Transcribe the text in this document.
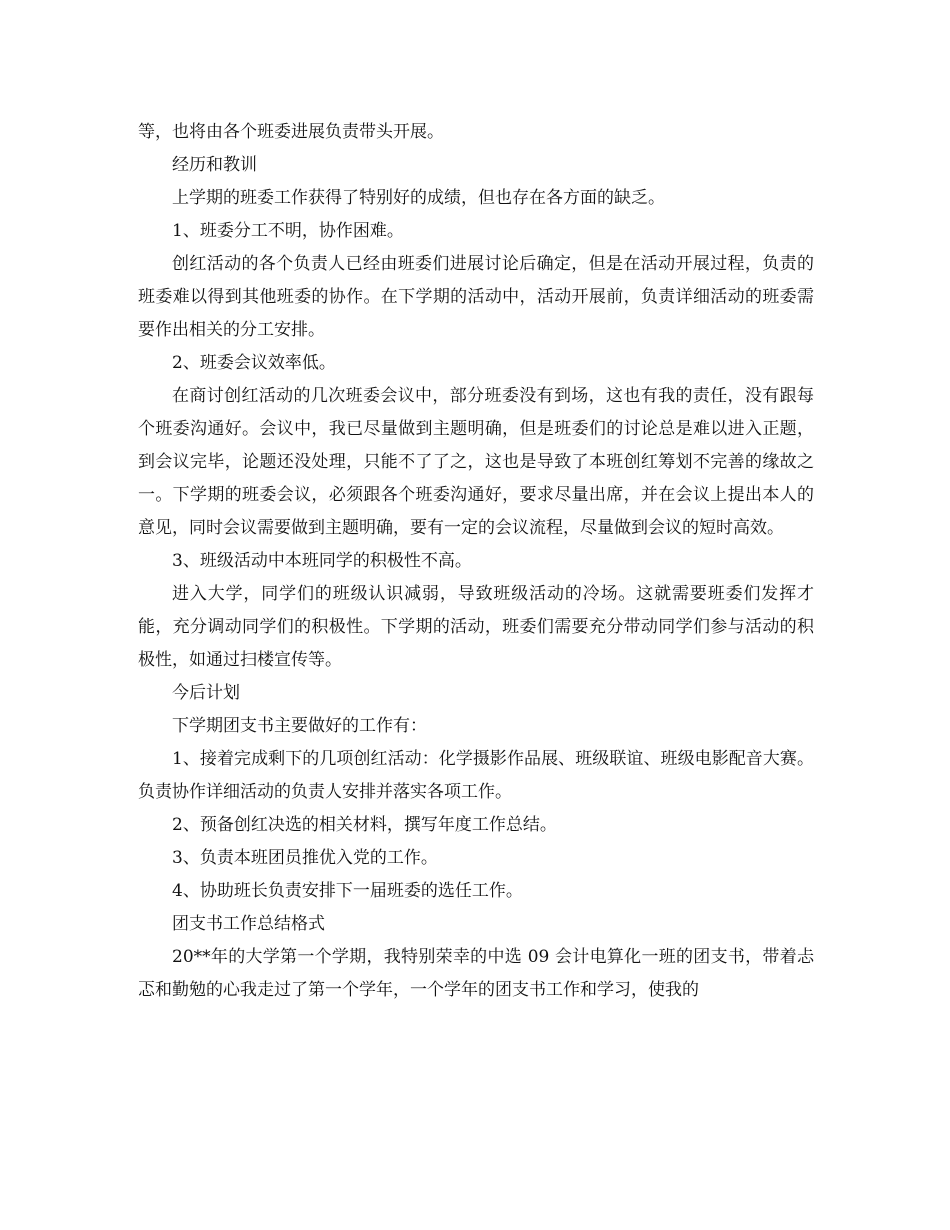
等，也将由各个班委进展负责带头开展。

经历和教训

上学期的班委工作获得了特别好的成绩，但也存在各方面的缺乏。

1、班委分工不明，协作困难。

创红活动的各个负责人已经由班委们进展讨论后确定，但是在活动开展过程，负责的班委难以得到其他班委的协作。在下学期的活动中，活动开展前，负责详细活动的班委需要作出相关的分工安排。

2、班委会议效率低。

在商讨创红活动的几次班委会议中，部分班委没有到场，这也有我的责任，没有跟每个班委沟通好。会议中，我已尽量做到主题明确，但是班委们的讨论总是难以进入正题，到会议完毕，论题还没处理，只能不了了之，这也是导致了本班创红筹划不完善的缘故之一。下学期的班委会议，必须跟各个班委沟通好，要求尽量出席，并在会议上提出本人的意见，同时会议需要做到主题明确，要有一定的会议流程，尽量做到会议的短时高效。

3、班级活动中本班同学的积极性不高。

进入大学，同学们的班级认识减弱，导致班级活动的冷场。这就需要班委们发挥才能，充分调动同学们的积极性。下学期的活动，班委们需要充分带动同学们参与活动的积极性，如通过扫楼宣传等。

今后计划

下学期团支书主要做好的工作有：

1、接着完成剩下的几项创红活动：化学摄影作品展、班级联谊、班级电影配音大赛。负责协作详细活动的负责人安排并落实各项工作。

2、预备创红决选的相关材料，撰写年度工作总结。

3、负责本班团员推优入党的工作。

4、协助班长负责安排下一届班委的选任工作。

团支书工作总结格式

20**年的大学第一个学期，我特别荣幸的中选 09 会计电算化一班的团支书，带着忐忑和勤勉的心我走过了第一个学年，一个学年的团支书工作和学习，使我的
